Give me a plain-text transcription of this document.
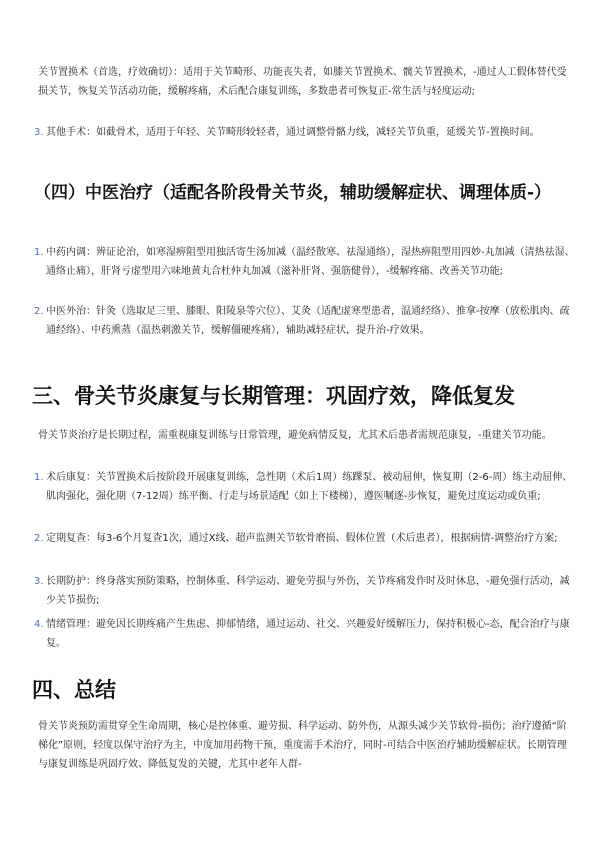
关节置换术（首选，疗效确切）：适用于关节畸形、功能丧失者，如膝关节置换术、髋关节置换术，-通过人工假体替代受损关节，恢复关节活动功能，缓解疼痛，术后配合康复训练，多数患者可恢复正-常生活与轻度运动;

3. 其他手术：如截骨术，适用于年轻、关节畸形较轻者，通过调整骨骼力线，减轻关节负重，延缓关节-置换时间。

（四）中医治疗（适配各阶段骨关节炎，辅助缓解症状、调理体质-）

1. 中药内调：辨证论治，如寒湿痹阻型用独活寄生汤加减（温经散寒、祛湿通络），湿热痹阻型用四妙-丸加减（清热祛湿、通络止痛），肝肾亏虚型用六味地黄丸合杜仲丸加减（滋补肝肾、强筋健骨），-缓解疼痛、改善关节功能;

2. 中医外治：针灸（选取足三里、膝眼、阳陵泉等穴位）、艾灸（适配虚寒型患者，温通经络）、推拿-按摩（放松肌肉、疏通经络）、中药熏蒸（温热刺激关节，缓解僵硬疼痛），辅助减轻症状，提升治-疗效果。

三、骨关节炎康复与长期管理：巩固疗效，降低复发

骨关节炎治疗是长期过程，需重视康复训练与日常管理，避免病情反复，尤其术后患者需规范康复，-重建关节功能。

1. 术后康复：关节置换术后按阶段开展康复训练，急性期（术后1周）练踝泵、被动屈伸，恢复期（2-6-周）练主动屈伸、肌肉强化，强化期（7-12周）练平衡、行走与场景适配（如上下楼梯），遵医嘱逐-步恢复，避免过度运动或负重;

2. 定期复查：每3-6个月复查1次，通过X线、超声监测关节软骨磨损、假体位置（术后患者），根据病情-调整治疗方案;

3. 长期防护：终身落实预防策略，控制体重、科学运动、避免劳损与外伤，关节疼痛发作时及时休息，-避免强行活动，减少关节损伤;

4. 情绪管理：避免因长期疼痛产生焦虑、抑郁情绪，通过运动、社交、兴趣爱好缓解压力，保持积极心-态，配合治疗与康复。

四、总结

骨关节炎预防需贯穿全生命周期，核心是控体重、避劳损、科学运动、防外伤，从源头减少关节软骨-损伤；治疗遵循“阶梯化”原则，轻度以保守治疗为主，中度加用药物干预，重度需手术治疗，同时-可结合中医治疗辅助缓解症状。长期管理与康复训练是巩固疗效、降低复发的关键，尤其中老年人群-
